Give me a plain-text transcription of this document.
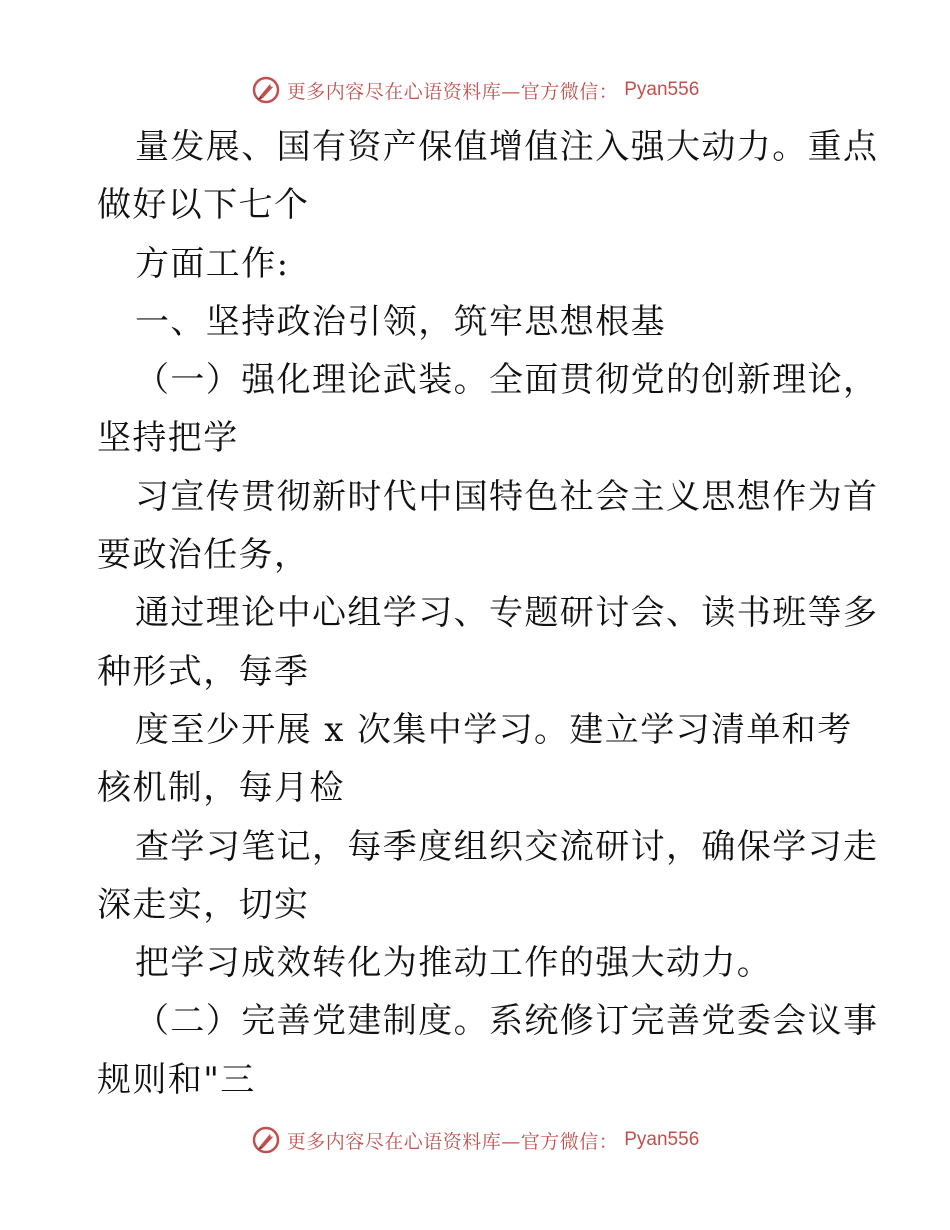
更多内容尽在心语资料库—官方微信： Pyan556
量发展、国有资产保值增值注入强大动力。重点
做好以下七个
方面工作:
一、坚持政治引领，筑牢思想根基
（一）强化理论武装。全面贯彻党的创新理论，
坚持把学
习宣传贯彻新时代中国特色社会主义思想作为首
要政治任务，
通过理论中心组学习、专题研讨会、读书班等多
种形式，每季
度至少开展 x 次集中学习。建立学习清单和考
核机制，每月检
查学习笔记，每季度组织交流研讨，确保学习走
深走实，切实
把学习成效转化为推动工作的强大动力。
（二）完善党建制度。系统修订完善党委会议事
规则和"三
更多内容尽在心语资料库—官方微信： Pyan556
